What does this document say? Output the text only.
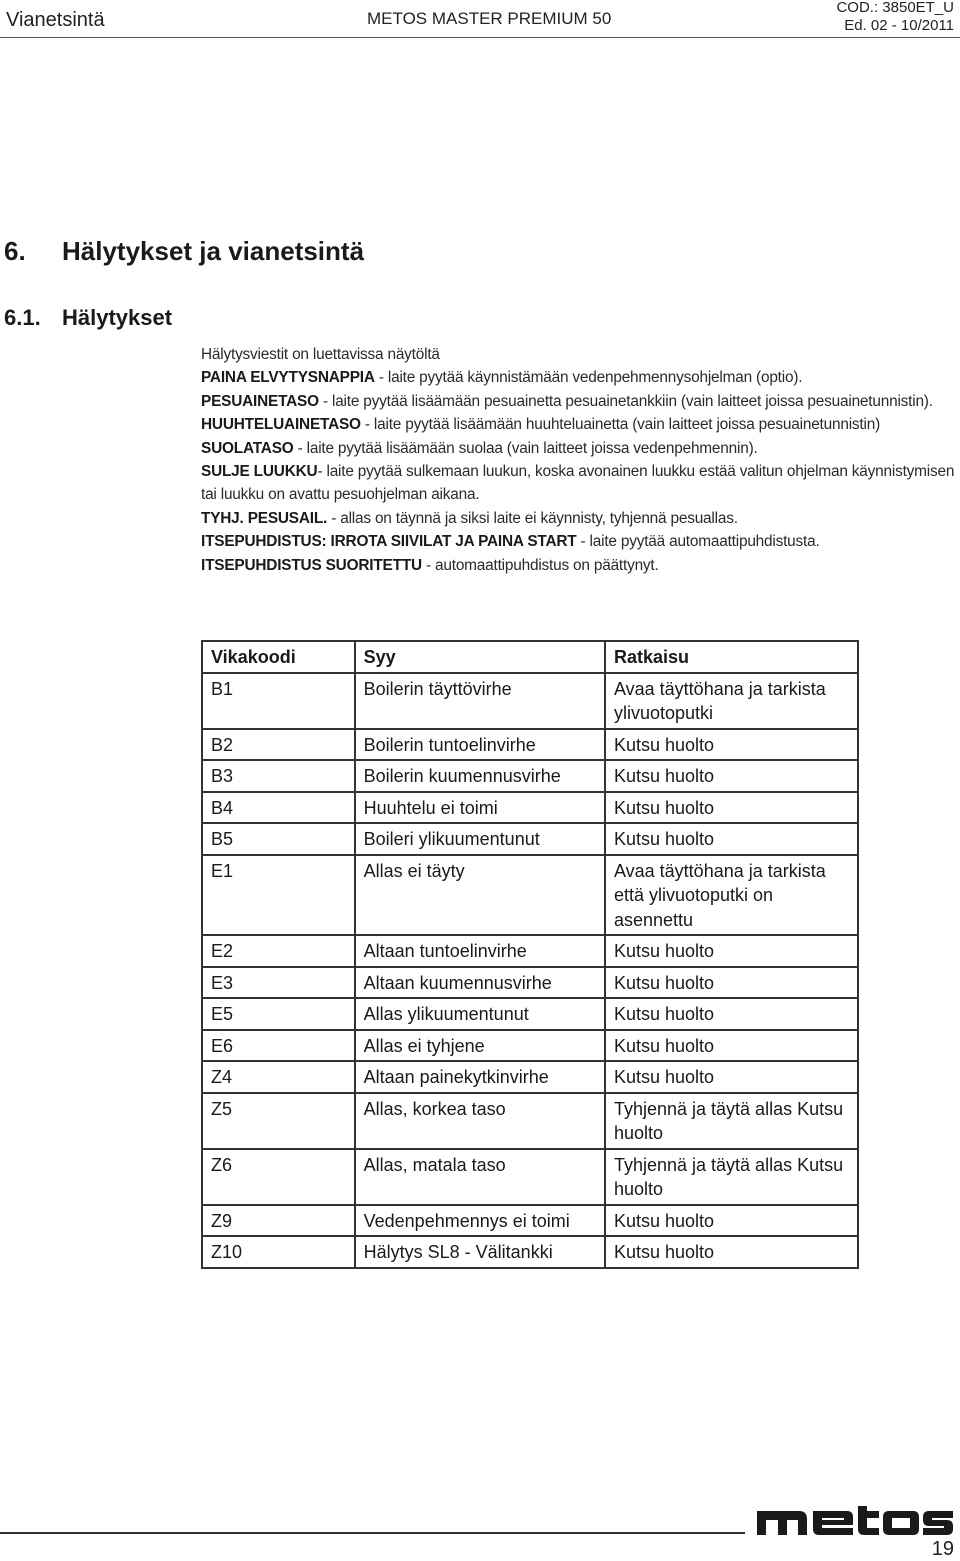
Vianetsintä	METOS MASTER PREMIUM 50
COD.: 3850ET_U
Ed. 02 - 10/2011
6. Hälytykset ja vianetsintä
6.1. Hälytykset

Hälytysviestit on luettavissa näytöltä

PAINA ELVYTYSNAPPIA - laite pyytää käynnistämään vedenpehmennysohjelman (optio).

PESUAINETASO - laite pyytää lisäämään pesuainetta pesuainetankkiin (vain laitteet joissa pesuainetunnistin).

HUUHTELUAINETASO - laite pyytää lisäämään huuhteluainetta (vain laitteet joissa pesuainetunnistin)

SUOLATASO - laite pyytää lisäämään suolaa (vain laitteet joissa vedenpehmennin).

SULJE LUUKKU- laite pyytää sulkemaan luukun, koska avonainen luukku estää valitun ohjelman käynnistymisen tai luukku on avattu pesuohjelman aikana.

TYHJ. PESUSAIL. - allas on täynnä ja siksi laite ei käynnisty, tyhjennä pesuallas.

ITSEPUHDISTUS: IRROTA SIIVILAT JA PAINA START - laite pyytää automaattipuhdistusta.

ITSEPUHDISTUS SUORITETTU - automaattipuhdistus on päättynyt.

Vikakoodi	Syy	Ratkaisu
B1	Boilerin täyttövirhe	Avaa täyttöhana ja tarkista ylivuotoputki
B2	Boilerin tuntoelinvirhe	Kutsu huolto
B3	Boilerin kuumennusvirhe	Kutsu huolto
B4	Huuhtelu ei toimi	Kutsu huolto
B5	Boileri ylikuumentunut	Kutsu huolto
E1	Allas ei täyty	Avaa täyttöhana ja tarkista että ylivuotoputki on asennettu
E2	Altaan tuntoelinvirhe	Kutsu huolto
E3	Altaan kuumennusvirhe	Kutsu huolto
E5	Allas ylikuumentunut	Kutsu huolto
E6	Allas ei tyhjene	Kutsu huolto
Z4	Altaan painekytkinvirhe	Kutsu huolto
Z5	Allas, korkea taso	Tyhjennä ja täytä allas Kutsu huolto
Z6	Allas, matala taso	Tyhjennä ja täytä allas Kutsu huolto
Z9	Vedenpehmennys ei toimi	Kutsu huolto
Z10	Hälytys SL8 - Välitankki	Kutsu huolto
19
